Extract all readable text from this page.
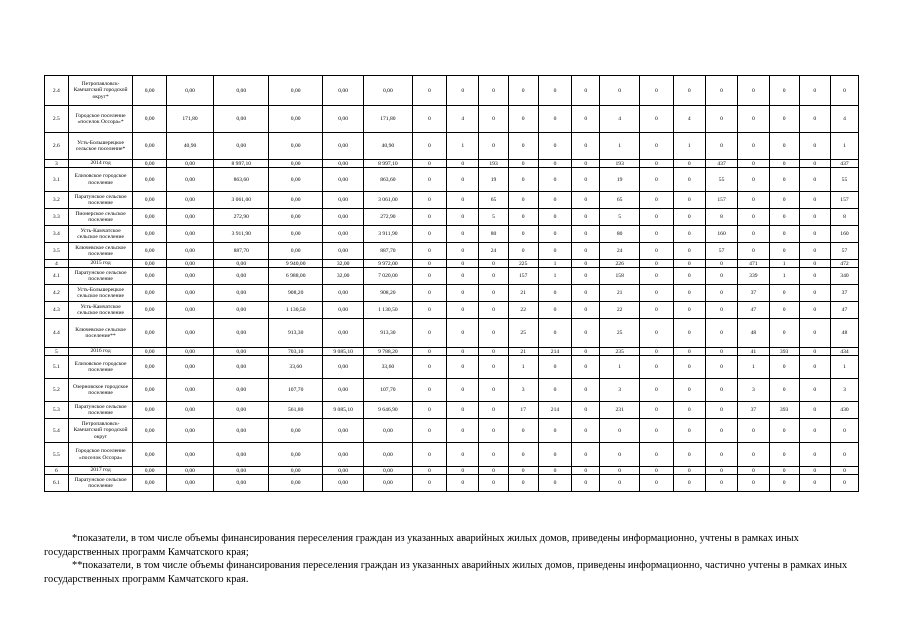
2.4	Петропавловск-Камчатский городской округ*	0,00	0,00	0,00	0,00	0,00	0,00	0	0	0	0	0	0	0	0	0	0	0	0	0	0
2.5	Городское поселение «поселок Оссора»*	0,00	171,80	0,00	0,00	0,00	171,80	0	4	0	0	0	0	4	0	4	0	0	0	0	4
2.6	Усть-Большерецкое сельское поселение*	0,00	40,90	0,00	0,00	0,00	40,90	0	1	0	0	0	0	1	0	1	0	0	0	0	1
3	2014 год	0,00	0,00	8 997,10	0,00	0,00	8 997,10	0	0	193	0	0	0	193	0	0	437	0	0	0	437
3.1	Елизовское городское поселение	0,00	0,00	863,60	0,00	0,00	863,60	0	0	19	0	0	0	19	0	0	55	0	0	0	55
3.2	Паратунское сельское поселение	0,00	0,00	3 061,00	0,00	0,00	3 061,00	0	0	65	0	0	0	65	0	0	157	0	0	0	157
3.3	Пионерское сельское поселение	0,00	0,00	272,90	0,00	0,00	272,90	0	0	5	0	0	0	5	0	0	8	0	0	0	8
3.4	Усть-Камчатское сельское поселение	0,00	0,00	3 911,90	0,00	0,00	3 911,90	0	0	80	0	0	0	80	0	0	160	0	0	0	160
3.5	Ключевское сельское поселение	0,00	0,00	887,70	0,00	0,00	887,70	0	0	24	0	0	0	24	0	0	57	0	0	0	57
4	2015 год	0,00	0,00	0,00	9 940,00	32,00	9 972,00	0	0	0	225	1	0	226	0	0	0	471	1	0	472
4.1	Паратунское сельское поселение	0,00	0,00	0,00	6 988,00	32,00	7 020,00	0	0	0	157	1	0	158	0	0	0	339	1	0	340
4.2	Усть-Большерецкое сельское поселение	0,00	0,00	0,00	908,20	0,00	908,20	0	0	0	21	0	0	21	0	0	0	37	0	0	37
4.3	Усть-Камчатское сельское поселение	0,00	0,00	0,00	1 130,50	0,00	1 130,50	0	0	0	22	0	0	22	0	0	0	47	0	0	47
4.4	Ключевское сельское поселение**	0,00	0,00	0,00	913,30	0,00	913,30	0	0	0	25	0	0	25	0	0	0	48	0	0	48
5	2016 год	0,00	0,00	0,00	703,10	9 085,10	9 788,20	0	0	0	21	214	0	235	0	0	0	41	393	0	434
5.1	Елизовское городское поселение	0,00	0,00	0,00	33,60	0,00	33,60	0	0	0	1	0	0	1	0	0	0	1	0	0	1
5.2	Озерновское городское поселение	0,00	0,00	0,00	107,70	0,00	107,70	0	0	0	3	0	0	3	0	0	0	3	0	0	3
5.3	Паратунское сельское поселение	0,00	0,00	0,00	561,80	9 085,10	9 646,90	0	0	0	17	214	0	231	0	0	0	37	393	0	430
5.4	Петропавловск-Камчатский городской округ	0,00	0,00	0,00	0,00	0,00	0,00	0	0	0	0	0	0	0	0	0	0	0	0	0	0
5.5	Городское поселение «поселок Оссора»	0,00	0,00	0,00	0,00	0,00	0,00	0	0	0	0	0	0	0	0	0	0	0	0	0	0
6	2017 год	0,00	0,00	0,00	0,00	0,00	0,00	0	0	0	0	0	0	0	0	0	0	0	0	0	0
6.1	Паратунское сельское поселение	0,00	0,00	0,00	0,00	0,00	0,00	0	0	0	0	0	0	0	0	0	0	0	0	0	0

*показатели, в том числе объемы финансирования переселения граждан из указанных аварийных жилых домов, приведены информационно, учтены в рамках иных государственных программ Камчатского края;

**показатели, в том числе объемы финансирования переселения граждан из указанных аварийных жилых домов, приведены информационно, частично учтены в рамках иных государственных программ Камчатского края.
